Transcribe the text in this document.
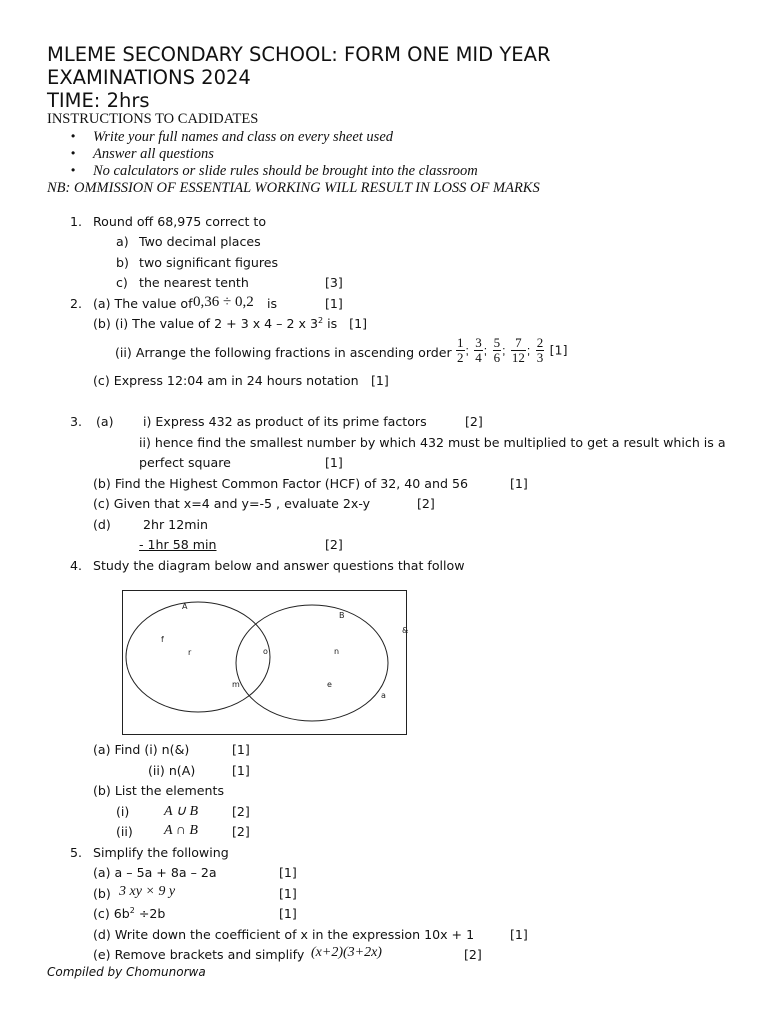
MLEME SECONDARY SCHOOL: FORM ONE MID YEAR
EXAMINATIONS 2024
TIME: 2hrs
INSTRUCTIONS TO CADIDATES
• Write your full names and class on every sheet used
• Answer all questions
• No calculators or slide rules should be brought into the classroom
NB: OMMISSION OF ESSENTIAL WORKING WILL RESULT IN LOSS OF MARKS
1. Round off 68,975 correct to
a) Two decimal places
b) two significant figures
c) the nearest tenth	[3]
2. (a) The value of 0,36 ÷ 0,2 is	[1]
(b) (i) The value of 2 + 3 x 4 – 2 x $3^2$ is [1]
(ii) Arrange the following fractions in ascending order $\frac{1}{2}$ ; $\frac{3}{4}$ ; $\frac{5}{6}$ ; $\frac{7}{12}$ ; $\frac{2}{3} [1]$
(c) Express 12:04 am in 24 hours notation [1]
3. (a) i) Express 432 as product of its prime factors	[2]
ii) hence find the smallest number by which 432 must be multiplied to get a result which is a
perfect square	[1]
(b) Find the Highest Common Factor (HCF) of 32, 40 and 56	[1]
(c) Given that x=4 and y=-5 , evaluate 2x-y	[2]
(d)	2hr 12min
- 1hr 58 min	[2]
4. Study the diagram below and answer questions that follow
A
B
&
f
r	o	n
m	e
a
(a) Find (i) n(&)	[1]
(ii) n(A)	[1]
(b) List the elements
(i) A ∪ B	[2]
(ii) A ∩ B	[2]
5. Simplify the following
(a) a – 5a + 8a – 2a	[1]
(b) 3 xy × 9 y	[1]
(c) $6b^2 \div 2b$	[1]
(d) Write down the coefficient of x in the expression 10x + 1	[1]
(e) Remove brackets and simplify (x+2)(3+2x)	[2]
Compiled by Chomunorwa
